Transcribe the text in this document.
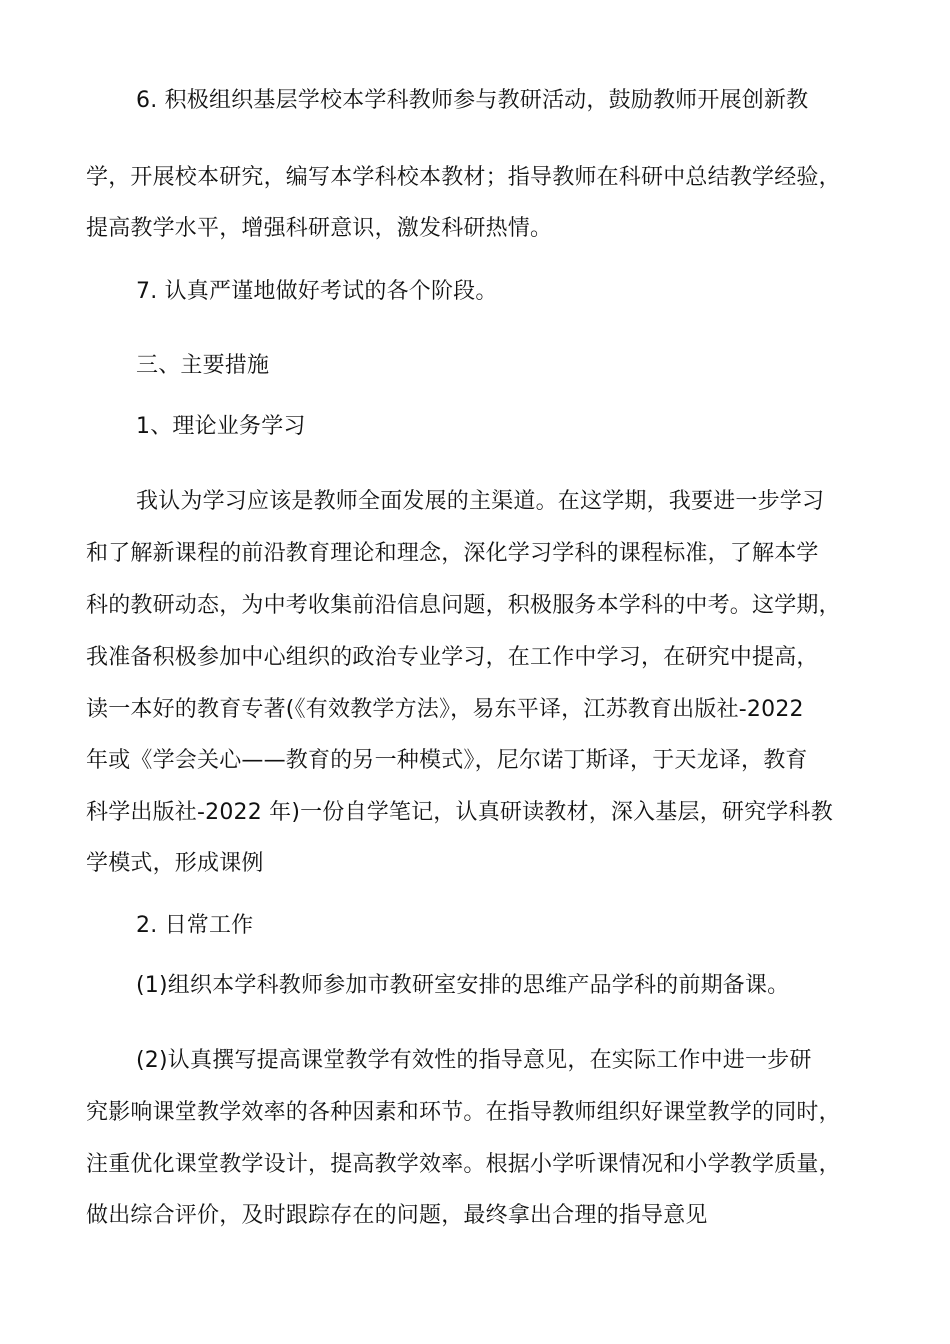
6. 积极组织基层学校本学科教师参与教研活动，鼓励教师开展创新教

学，开展校本研究，编写本学科校本教材；指导教师在科研中总结教学经验，

提高教学水平，增强科研意识，激发科研热情。

7. 认真严谨地做好考试的各个阶段。

三、主要措施

1、理论业务学习

我认为学习应该是教师全面发展的主渠道。在这学期，我要进一步学习

和了解新课程的前沿教育理论和理念，深化学习学科的课程标准，了解本学

科的教研动态，为中考收集前沿信息问题，积极服务本学科的中考。这学期，

我准备积极参加中心组织的政治专业学习，在工作中学习，在研究中提高，

读一本好的教育专著(《有效教学方法》，易东平译，江苏教育出版社-2022

年或《学会关心——教育的另一种模式》，尼尔诺丁斯译，于天龙译，教育

科学出版社-2022 年)一份自学笔记，认真研读教材，深入基层，研究学科教

学模式，形成课例

2. 日常工作

(1)组织本学科教师参加市教研室安排的思维产品学科的前期备课。

(2)认真撰写提高课堂教学有效性的指导意见，在实际工作中进一步研

究影响课堂教学效率的各种因素和环节。在指导教师组织好课堂教学的同时，

注重优化课堂教学设计，提高教学效率。根据小学听课情况和小学教学质量，

做出综合评价，及时跟踪存在的问题，最终拿出合理的指导意见
